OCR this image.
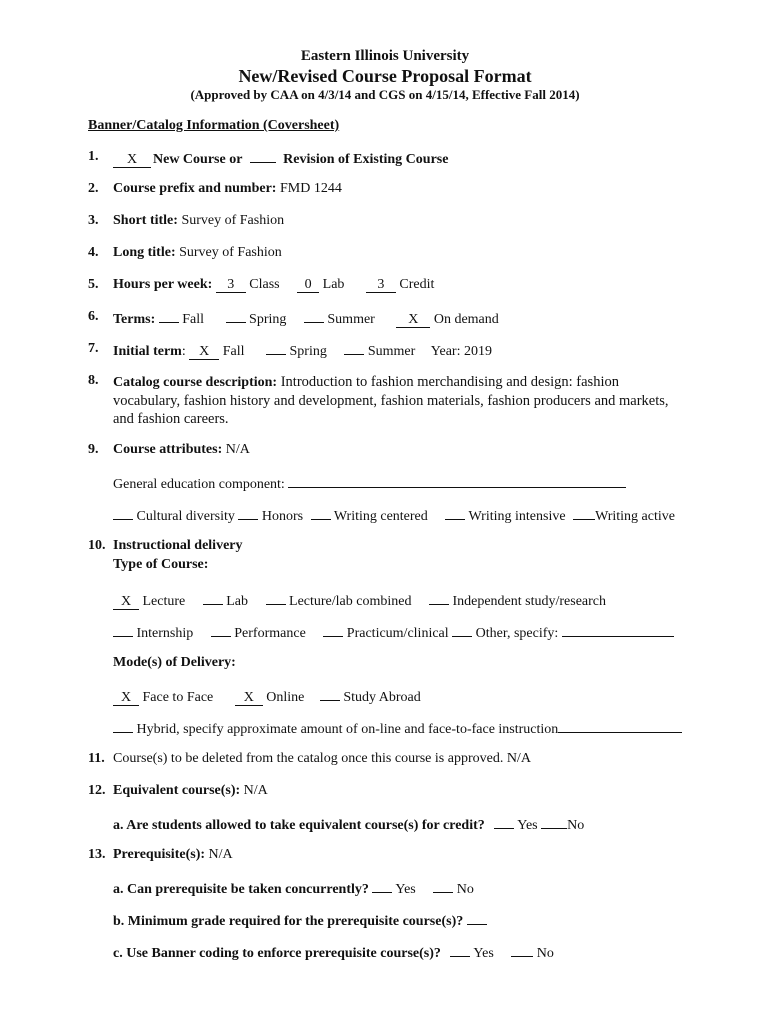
Eastern Illinois University
New/Revised Course Proposal Format
(Approved by CAA on 4/3/14 and CGS on 4/15/14, Effective Fall 2014)
Banner/Catalog Information (Coversheet)
1.	X New Course or	Revision of Existing Course
2. Course prefix and number: FMD 1244
3. Short title: Survey of Fashion
4. Long title: Survey of Fashion
5. Hours per week: 3 Class 0 Lab 3 Credit
6. Terms: Fall	Spring	Summer X On demand
7. Initial term: X Fall	Spring	Summer Year: 2019
8. Catalog course description: Introduction to fashion merchandising and design: fashion vocabulary, fashion history and development, fashion materials, fashion producers and markets, and fashion careers.
9. Course attributes: N/A
General education component:
Cultural diversity Honors Writing centered	Writing intensive Writing active
10. Instructional delivery
Type of Course:
X Lecture	Lab	Lecture/lab combined	Independent study/research
Internship	Performance	Practicum/clinical Other, specify:
Mode(s) of Delivery:
X Face to Face X Online	Study Abroad
Hybrid, specify approximate amount of on-line and face-to-face instruction
11. Course(s) to be deleted from the catalog once this course is approved. N/A
12. Equivalent course(s): N/A
a. Are students allowed to take equivalent course(s) for credit? Yes No
13. Prerequisite(s): N/A
a. Can prerequisite be taken concurrently? Yes	No
b. Minimum grade required for the prerequisite course(s)?
c. Use Banner coding to enforce prerequisite course(s)? Yes	No
